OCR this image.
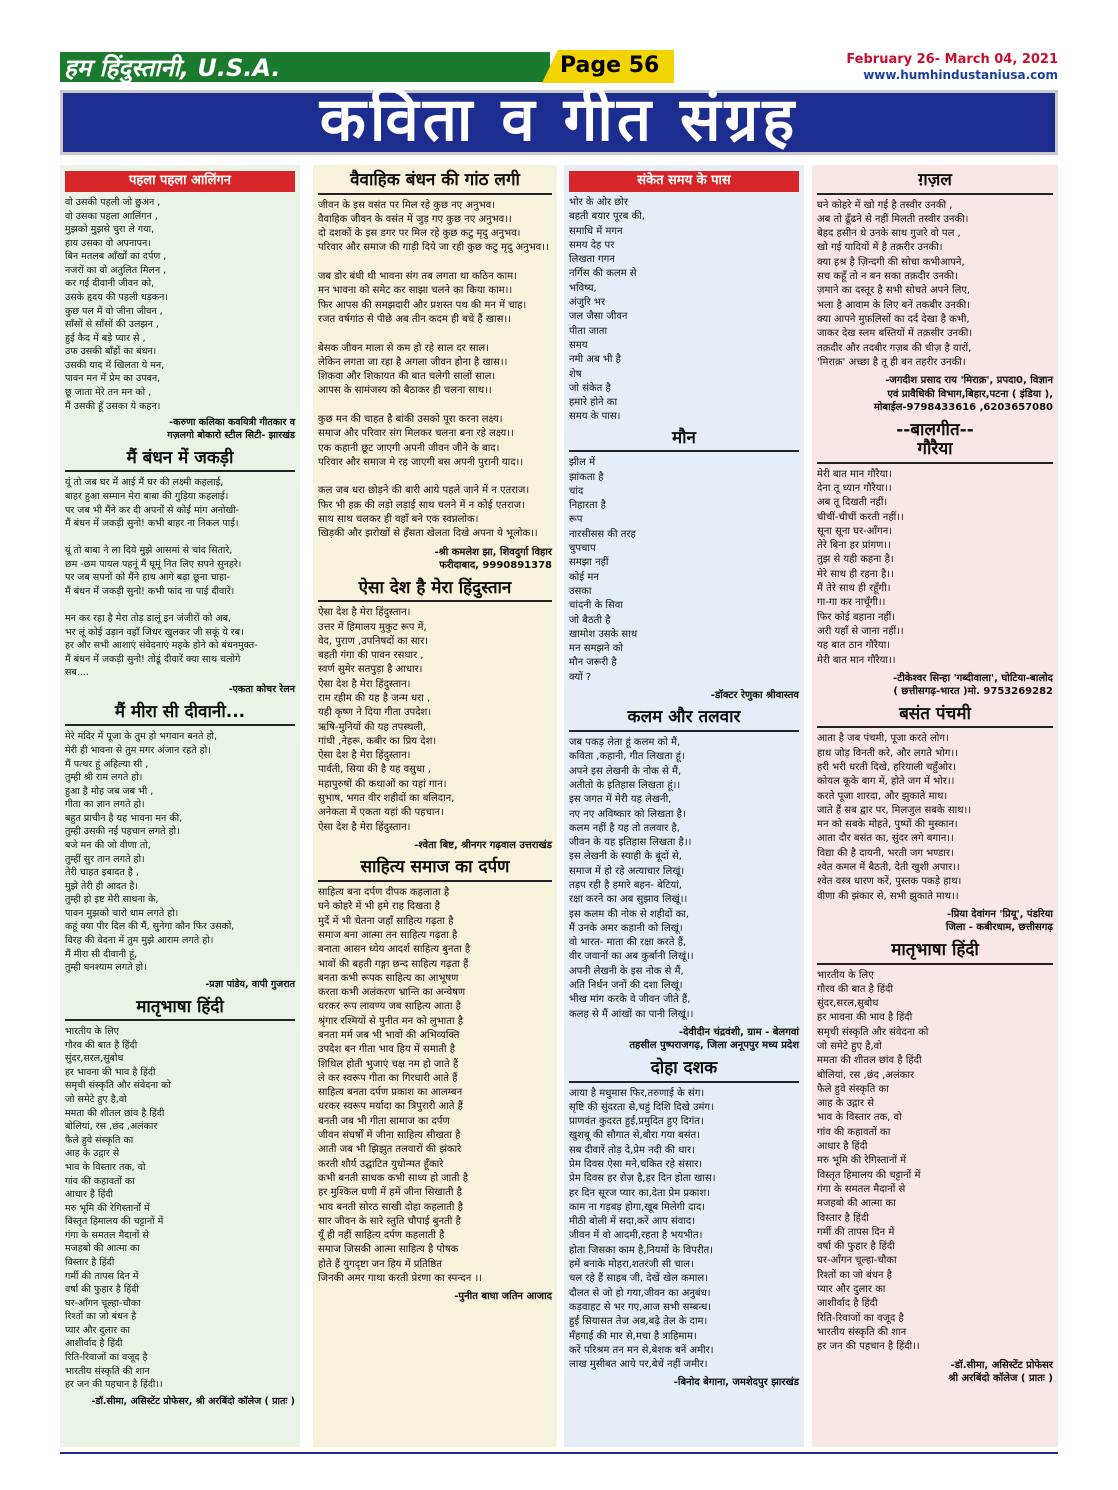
हम हिंदुस्तानी, U.S.A.	Page 56	February 26- March 04, 2021
www.humhindustaniusa.com
कविता व गीत संग्रह
पहला पहला आलिंगन
वो उसकी पहली जो छुअन ,
वो उसका पहला आलिंगन ,
मुझको मुझसे चुरा ले गया,
हाय उसका वो अपनापन।
बिन मतलब आँखों का दर्पण ,
नजरों का वो अतुलित मिलन ,
कर गई दीवानी जीवन को,
उसके हृदय की पहली धड़कन।
कुछ पल में वो जीना जीवन ,
साँसों से साँसों की उलझन ,
हुई कैद में बड़े प्यार से ,
उफ उसकी बाँहों का बंधन।
उसकी याद में खिलता ये मन,
पावन मन में प्रेम का उपवन,
छू जाता मेरे तन मन को ,
मैं उसकी हूँ उसका ये कहन।
-करुणा कलिका कवयित्री गीतकार व
गज़लगो बोकारो स्टील सिटी- झारखंड
मैं बंधन में जकड़ी
यूं तो जब घर में आई मैं घर की लक्ष्मी कहलाई,
बाहर हुआ सम्मान मेरा बाबा की गुड़िया कहलाई।
पर जब भी मैंने कर दी अपनों से कोई मांग अनोखी-
मैं बंधन में जकड़ी सुनो! कभी बाहर ना निकल पाई।

यूं तो बाबा ने ला दिये मुझे आसमां से चांद सितारे,
छम -छम पायल पहनूं मैं घूमूं नित लिए सपने सुनहरे।
पर जब सपनों को मैंने हाथ आगे बढ़ा छूना चाहा-
मैं बंधन में जकड़ी सुनो! कभी फांद ना पाई दीवारें।

मन कर रहा है मेरा तोड़ डालूं इन जंजीरों को अब,
भर लूं कोई उड़ान वहाँ जिधर खुलकर जी सकूं ये रब।
हर और सभी आशाएं संवेदनाएं महके होने को बंधनमुक्त-
मैं बंधन में जकड़ी सुनो! तोडूं दीवारें क्या साथ चलोगे
सब....
-एकता कोचर रेलन
मैं मीरा सी दीवानी...
मेरे मंदिर में पूजा के तुम हो भगवान बनते हो,
मेरी ही भावना से तुम मगर अंजान रहते हो।
मैं पत्थर हूं अहिल्या सी ,
तुम्ही श्री राम लगते हो।
हुआ है मोह जब जब भी ,
गीता का ज्ञान लगते हो।
बहुत प्राचीन है यह भावना मन की,
तुम्ही उसकी नई पहचान लगते हो।
बजे मन की जो वीणा तो,
तुम्हीं सुर तान लगते हो।
तेरी चाहत इबादत है ,
मुझे तेरी ही आदत है।
तुम्ही हो इष्ट मेरी साधना के,
पावन मुझको चारो धाम लगते हो।
कहूं क्या पीर दिल की मैं, सुनेगा कौन फिर उसको,
विरह की वेदना में तुम मुझे आराम लगते हो।
मैं मीरा सी दीवानी हूं,
तुम्ही घनश्याम लगते हो।
-प्रज्ञा पांडेय, वापी गुजरात
मातृभाषा हिंदी
भारतीय के लिए
गौरव की बात है हिंदी
सुंदर,सरल,सुबोध
हर भावना की भाव है हिंदी
समृची संस्कृति और संवेदना को
जो समेटे हुए है,वो
ममता की शीतल छांव है हिंदी
बोलियां, रस ,छंद ,अलंकार
फैले हुवे संस्कृति का
आह के उद्गार से
भाव के विस्तार तक, वो
गांव की कहावतों का
आधार है हिंदी
मरु भूमि की रेगिस्तानों में
विस्तृत हिमालय की चट्टानों में
गंगा के समतल मैदानों से
मजहबो की आत्मा का
विस्तार है हिंदी
गर्मी की तापस दिन में
वर्षा की फुहार है हिंदी
घर-आँगन चूल्हा-चौका
रिश्तों का जो बंधन है
प्यार और दुलार का
आशीर्वाद है हिंदी
रिति-रिवाजों का वजूद है
भारतीय संस्कृति की शान
हर जन की पहचान है हिंदी।।
-डॉ.सीमा, असिस्टेंट प्रोफेसर, श्री अरबिंदो कॉलेज ( प्रातः )
वैवाहिक बंधन की गांठ लगी
जीवन के इस वसंत पर मिल रहे कुछ नए अनुभव।
वैवाहिक जीवन के वसंत में जुड़ गए कुछ नए अनुभव।।
दो दशकों के इस डगर पर मिल रहे कुछ कटु मृदु अनुभव।
परिवार और समाज की गाड़ी दिये जा रही कुछ कटु मृदु अनुभव।।

जब डोर बंधी थी भावना संग तब लगता था कठिन काम।
मन भावना को समेट कर साझा चलने का किया काम।।
फिर आपस की समझदारी और प्रशस्त पथ की मन में चाह।
रजत वर्षगांठ से पीछे अब तीन कदम ही बचे हैं खास।।

बेसक जीवन माला से कम हो रहे साल दर साल।
लेकिन लगता जा रहा है अगला जीवन होना है खास।।
शिकवा और शिकायत की बात चलेगी सालों साल।
आपस के सामंजस्य को बैठाकर ही चलना साथ।।

कुछ मन की चाहत है बांकी उसको पूरा करना लक्ष्य।
समाज और परिवार संग मिलकर चलना बना रहे लक्ष्य।।
एक कहानी छूट जाएगी अपनी जीवन जीने के बाद।
परिवार और समाज मे रह जाएगी बस अपनी पुरानी याद।।

कल जब धरा छोड़ने की बारी आये पहले जाने में न एतराज।
फिर भी हक़ की लड़ो लड़ाई साथ चलने में न कोई एतराज।
साथ साथ चलकर ही वहाँ बने एक स्वप्नलोक।
खिड़की और झरोखों से हँसता खेलता दिखे अपना ये भूलोक।।
-श्री कमलेश झा, शिवदुर्गा विहार
फरीदाबाद, 9990891378
ऐसा देश है मेरा हिंदुस्तान
ऐसा देश है मेरा हिंदुस्तान।
उत्तर में हिमालय मुकुट रूप में,
वेद, पुराण ,उपनिषदों का सार।
बहती गंगा की पावन रसधार ,
स्वर्ण सुमेर सतपुड़ा है आधार।
ऐसा देश है मेरा हिंदुस्तान।
राम रहीम की यह है जन्म धरा ,
यही कृष्ण ने दिया गीता उपदेश।
ऋषि-मुनियों की यह तपस्थली,
गांधी ,नेहरू, कबीर का प्रिय देश।
ऐसा देश है मेरा हिंदुस्तान।
पार्वती, सिया की है यह वसुधा ,
महापुरुषों की कथाओं का यहां गान।
सुभाष, भगत वीर शहीदों का बलिदान,
अनेकता में एकता यहां की पहचान।
ऐसा देश है मेरा हिंदुस्तान।
-श्वेता बिष्ट, श्रीनगर गढ़वाल उत्तराखंड
साहित्य समाज का दर्पण
साहित्य बना दर्पण दीपक कहलाता है
घने कोहरे में भी हमे राह दिखता है
मुर्दे में भी चेतना जहाँ साहित्य गढ़ता है
समाज बना आत्मा तन साहित्य गढ़ता है
बनाता आसन ध्येय आदर्श साहित्य बुनता है
भावों की बहती गङ्गा छन्द साहित्य गढ़ता हैं
बनता कभी रूपक साहित्य का आभूषण
करता कभी अलंकरण भ्रान्ति का अन्वेषण
धरकर रूप लावण्य जब साहित्य आता है
श्रृंगार रश्मियों से पुनीत मन को लुभाता है
बनता मर्म जब भी भावों की अभिव्यक्ति
उपदेश बन गीता भाव हिय में समाती है
शिथिल होती भुजाएं चक्ष नम हो जाते हैं
ले कर स्वरूप गीता का गिरधारी आते हैं
साहित्य बनता दर्पण प्रकाश का आलम्बन
धरकर स्वरूप मर्यादा का त्रिपुरारी आते हैं
बनती जब भी गीता सामाज का दर्पण
जीवन संघर्षों में जीना साहित्य सीखता है
आती जब भी झिझुत तलवारों की झंकारे
करती शौर्य उद्घाटित युधोन्मत हूँकारे
कभी बनती साधक कभी साध्य हो जाती है
हर मुश्किल घणी में हमें जीना सिखाती है
भाव बनती सोरठ साखी दोहा कहलाती है
सार जीवन के सारे स्तुति चौपाई बुनती है
यूँ ही नहीं साहित्य दर्पण कहलाती है
समाज जिसकी आत्मा साहित्य है पोषक
होते हैं युगदृष्टा जन हिय में प्रतिष्ठित
जिनकी अमर गाथा करती प्रेरणा का स्पन्दन ।।
-पुनीत बाघा जतिन आजाद
संकेत समय के पास
भोर के ओर छोर
बहती बयार पूरब की,
समाधि में मगन
समय देह पर
लिखता गगन
नर्गिस की कलम से
भविष्य,
अंजुरि भर
जल जैसा जीवन
पीता जाता
समय
नमी अब भी है
शेष
जो संकेत है
हमारे होने का
समय के पास।
मौन
झील में
झांकता है
चांद
निहारता है
रूप
नारसीसस की तरह
चुपचाप
समझा नहीं
कोई मन
उसका
चांदनी के सिवा
जो बैठती है
खामोश उसके साथ
मन समझने को
मौन जरूरी है
क्यों ?
-डॉक्टर रेणुका श्रीवास्तव
कलम और तलवार
जब पकड़ लेता हूं कलम को मैं,
कविता ,कहानी, गीत लिखता हूं।
अपने इस लेखनी के नोक से मैं,
अतीतो के इतिहास लिखता हूं।।
इस जगत में मेरी यह लेखनी,
नए नए अविष्कार को लिखता है।
कलम नहीं है यह तो तलवार है,
जीवन के यह इतिहास लिखता है।।
इस लेखनी के स्याही के बूंदों से,
समाज में हो रहे अत्याचार लिखूं।
तड़प रही है हमारे बहन- बेटियां,
रक्षा करने का अब सुझाव लिखूं।।
इस कलम की नोक से शहीदों का,
मैं उनके अमर कहानी को लिखूं।
वो भारत- माता की रक्षा करते हैं,
वीर जवानों का अब कुर्बानी लिखूं।।
अपनी लेखनी के इस नोक से मैं,
अति निर्धन जनों की दशा लिखूं।
भीख मांग करके वे जीवन जीते हैं,
कलह से मैं आंखों का पानी लिखूं।।
-देवीदीन चंद्रवंशी, ग्राम - बेलगवां
तहसील पुष्पराजगढ़, जिला अनूपपुर मध्य प्रदेश
दोहा दशक
आया है मधुमास फिर,तरुणाई के संग।
सृष्टि की सुंदरता से,चहुं दिशि दिखे उमंग।
प्राणवंत कुदरत हुई,प्रमुदित हुए दिगंत।
खुशबू की सौगात से,बौरा गया बसंत।
सब दीवारें तोड़ दे,प्रेम नदी की धार।
प्रेम दिवस ऐसा मने,चकित रहे संसार।
प्रेम दिवस हर रोज़ है,हर दिन होता खास।
हर दिन सूरज प्यार का,देता प्रेम प्रकाश।
काम ना गड़बड़ होगा,खूब मिलेगी दाद।
मीठी बोली में सदा,करें आप संवाद।
जीवन में वो आदमी,रहता है भयभीत।
होता जिसका काम है,नियमों के विपरीत।
हमें बनाके मोहरा,शतरंजी सी चाल।
चल रहे हैं साहब जी, देखें खेल कमाल।
दौलत से जो हो गया,जीवन का अनुबंध।
कड़वाहट से भर गए,आज सभी सम्बन्ध।
हुई सियासत तेज अब,बढ़े तेल के दाम।
मँहगाई की मार से,मचा है त्राहिमाम।
करें परिश्रम तन मन से,बेशक बनें अमीर।
लाख मुसीबत आये पर,बेचें नहीं जमीर।
-बिनोद बेगाना, जमशेदपुर झारखंड
ग़ज़ल
घने कोहरे में खो गई है तस्वीर उनकी ,
अब तो ढूँढने से नहीं मिलती तस्वीर उनकी।
बेहद हसीन थे उनके साथ गुजरे वो पल ,
खो गई यादियों में है तक़रीर उनकी।
क्या हश्र है ज़िन्दगी की सोचा कभीआपने,
सच कहूँ तो न बन सका तक़दीर उनकी।
ज़माने का दस्तूर है सभी सोचते अपने लिए,
भला है आवाम के लिए बनें तकबीर उनकी।
क्या आपने मुफ़लिसों का दर्द देखा है कभी,
जाकर देख स्लम बस्तियों में तक़सीर उनकी।
तक़दीर और तदबीर गज़ब की चीज़ है यारों,
'मिराक़' अच्छा है तू ही बन तहरीर उनकी।
-जगदीश प्रसाद राय 'मिराक़', प्रपदा0, विज्ञान
एवं प्रावैधिकी विभाग,बिहार,पटना ( इंडिया ),
मोबाईल-9798433616 ,6203657080
--बालगीत--
गौरैया
मेरी बात मान गौरैया।
देना तू ध्यान गौरैया।।
अब तू दिखती नहीं।
चीचीं-चीचीं करती नहीं।।
सूना सूना घर-आँगन।
तेरे बिना हर प्रांगण।।
तुझ से यही कहना है।
मेरे साथ ही रहना है।।
मैं तेरे साथ ही रहूँगी।
गा-गा कर नाचूँगी।।
फिर कोई बहाना नहीं।
अरी यहाँ से जाना नहीं।।
यह बात ठान गौरैया।
मेरी बात मान गौरैया।।
-टीकेश्वर सिन्हा 'गब्दीवाला', घोटिया-बालोद
( छत्तीसगढ़-भारत )मो. 9753269282
बसंत पंचमी
आता है जब पंचमी, पूजा करते लोग।
हाथ जोड़ विनती करे, और लगते भोग।।
हरी भरी धरती दिखे, हरियाली चहुँओर।
कोयल कूके बाग में, होते जग में भोर।।
करते पूजा शारदा, और झुकाते माथ।
जाते हैं सब द्वार पर, मिलजुल सबके साथ।।
मन को सबके मोहते, पुष्पों की मुस्कान।
आता दौर बसंत का, सुंदर लगे बगान।।
विद्या की है दायनी, भरती जग भण्डार।
श्वेत कमल में बैठती, देती खुशी अपार।।
श्वेत वस्त्र धारण करें, पुस्तक पकड़े हाथ।
वीणा की झंकार से, सभी झुकाते माथ।।
-प्रिया देवांगन 'प्रियू', पंडरिया
जिला - कबीरधाम, छत्तीसगढ़
मातृभाषा हिंदी
भारतीय के लिए
गौरव की बात है हिंदी
सुंदर,सरल,सुबोध
हर भावना की भाव है हिंदी
समृची संस्कृति और संवेदना को
जो समेटे हुए है,वो
ममता की शीतल छांव है हिंदी
बोलियां, रस ,छंद ,अलंकार
फैले हुवे संस्कृति का
आह के उद्गार से
भाव के विस्तार तक, वो
गांव की कहावतों का
आधार है हिंदी
मरु भूमि की रेगिस्तानों में
विस्तृत हिमालय की चट्टानों में
गंगा के समतल मैदानों से
मजहबो की आत्मा का
विस्तार है हिंदी
गर्मी की तापस दिन में
वर्षा की फुहार है हिंदी
घर-आँगन चूल्हा-चौका
रिश्तों का जो बंधन है
प्यार और दुलार का
आशीर्वाद है हिंदी
रिति-रिवाजों का वजूद है
भारतीय संस्कृति की शान
हर जन की पहचान है हिंदी।।
-डॉ.सीमा, असिस्टेंट प्रोफेसर
श्री अरबिंदो कॉलेज ( प्रातः )
